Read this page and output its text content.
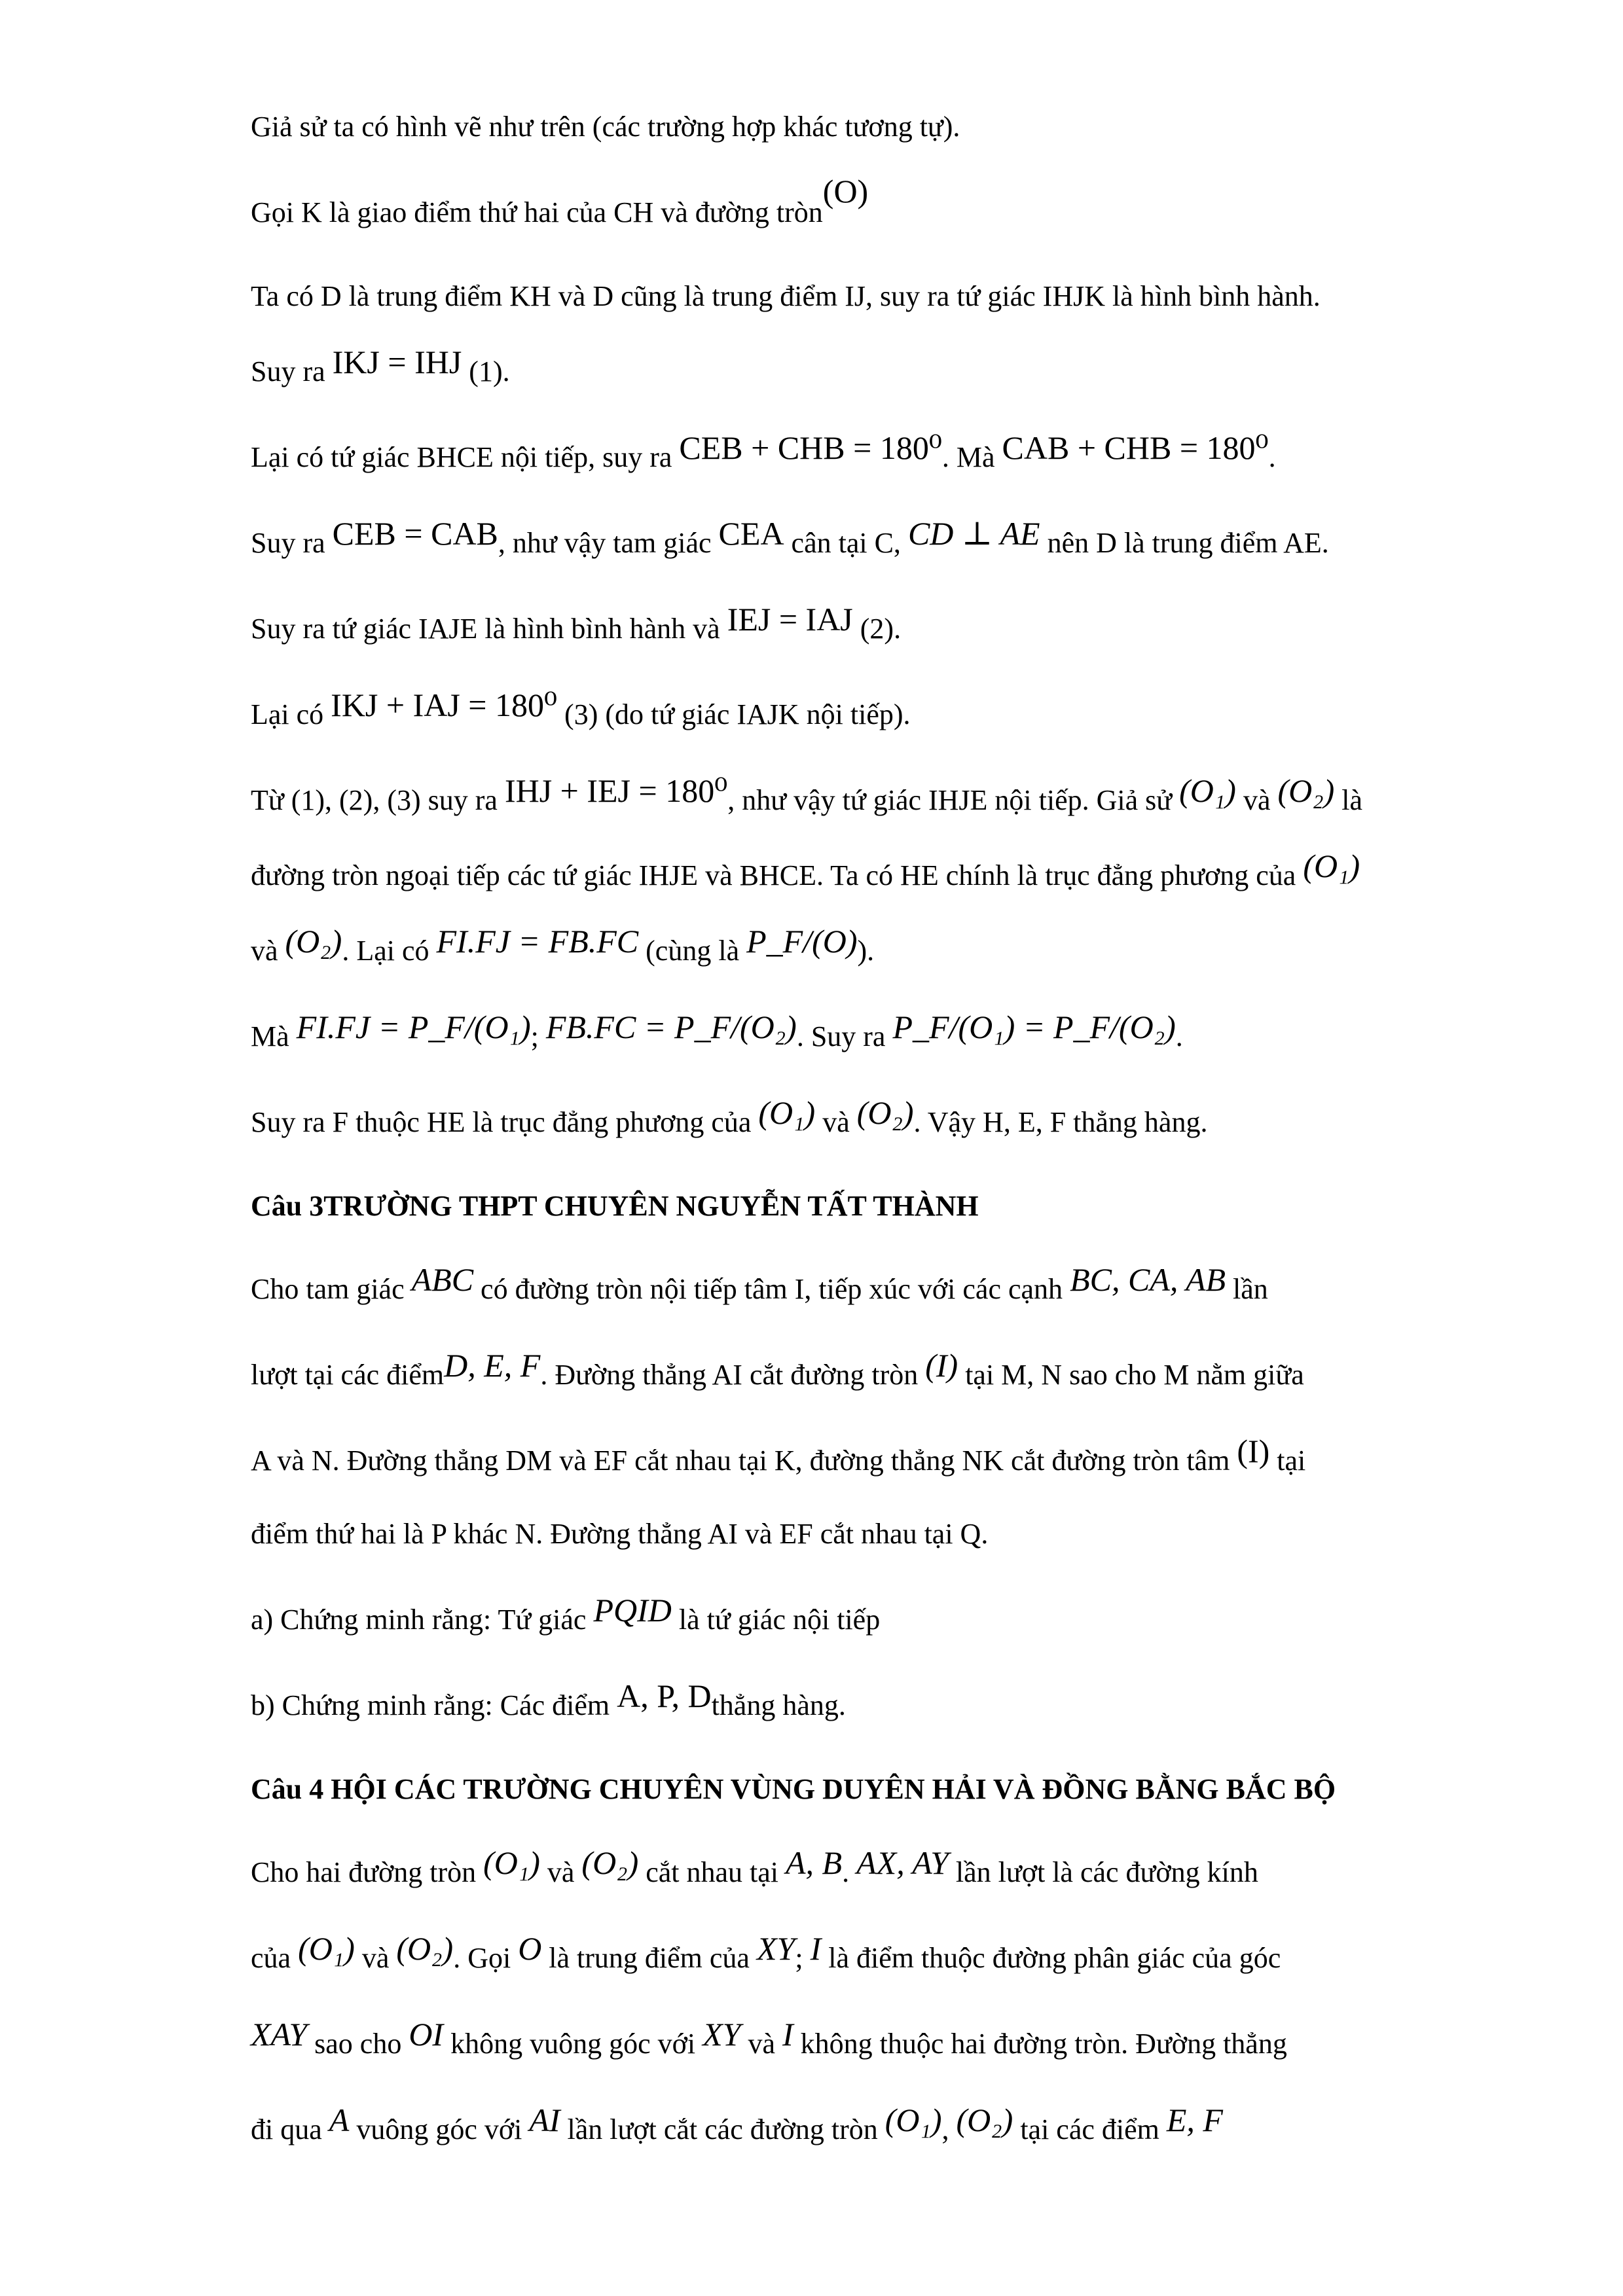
Giả sử ta có hình vẽ như trên (các trường hợp khác tương tự).

Gọi K là giao điểm thứ hai của CH và đường tròn(O)

Ta có D là trung điểm KH và D cũng là trung điểm IJ, suy ra tứ giác IHJK là hình bình hành.

Suy ra IKJ = IHJ (1).

Lại có tứ giác BHCE nội tiếp, suy ra CEB + CHB = 180⁰. Mà CAB + CHB = 180⁰.

Suy ra CEB = CAB, như vậy tam giác CEA cân tại C, CD ⊥ AE nên D là trung điểm AE.

Suy ra tứ giác IAJE là hình bình hành và IEJ = IAJ (2).

Lại có IKJ + IAJ = 180⁰ (3) (do tứ giác IAJK nội tiếp).

Từ (1), (2), (3) suy ra IHJ + IEJ = 180⁰, như vậy tứ giác IHJE nội tiếp. Giả sử (O₁) và (O₂) là

đường tròn ngoại tiếp các tứ giác IHJE và BHCE. Ta có HE chính là trục đẳng phương của (O₁)

và (O₂). Lại có FI.FJ = FB.FC (cùng là P_F/(O)).

Mà FI.FJ = P_F/(O₁); FB.FC = P_F/(O₂). Suy ra P_F/(O₁) = P_F/(O₂).

Suy ra F thuộc HE là trục đẳng phương của (O₁) và (O₂). Vậy H, E, F thẳng hàng.

Câu 3TRƯỜNG THPT CHUYÊN NGUYỄN TẤT THÀNH

Cho tam giác ABC có đường tròn nội tiếp tâm I, tiếp xúc với các cạnh BC, CA, AB lần

lượt tại các điểmD, E, F. Đường thẳng AI cắt đường tròn (I) tại M, N sao cho M nằm giữa

A và N. Đường thẳng DM và EF cắt nhau tại K, đường thẳng NK cắt đường tròn tâm (I) tại

điểm thứ hai là P khác N. Đường thẳng AI và EF cắt nhau tại Q.

a) Chứng minh rằng: Tứ giác PQID là tứ giác nội tiếp

b) Chứng minh rằng: Các điểm A, P, Dthẳng hàng.

Câu 4 HỘI CÁC TRƯỜNG CHUYÊN VÙNG DUYÊN HẢI VÀ ĐỒNG BẰNG BẮC BỘ

Cho hai đường tròn (O₁) và (O₂) cắt nhau tại A, B. AX, AY lần lượt là các đường kính

của (O₁) và (O₂). Gọi O là trung điểm của XY; I là điểm thuộc đường phân giác của góc

XAY sao cho OI không vuông góc với XY và I không thuộc hai đường tròn. Đường thẳng

đi qua A vuông góc với AI lần lượt cắt các đường tròn (O₁), (O₂) tại các điểm E, F
